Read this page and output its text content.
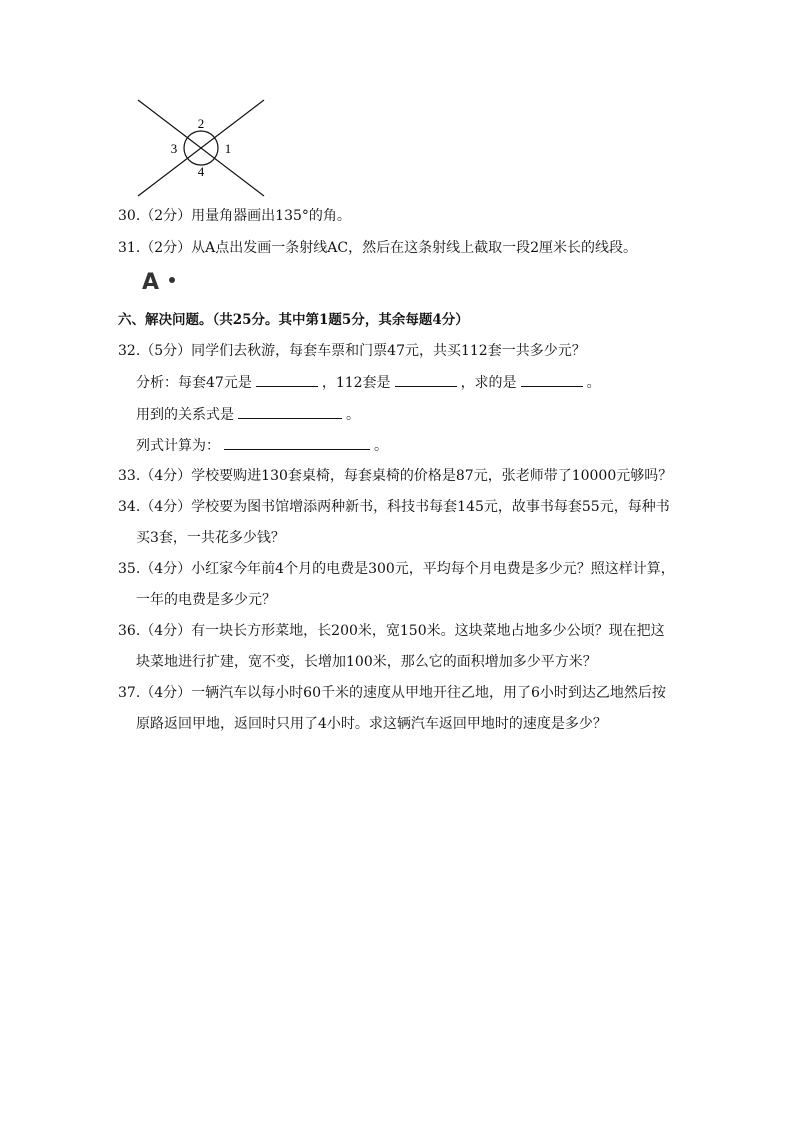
2
3	1
4
30.（2分）用量角器画出135°的角。
31.（2分）从A点出发画一条射线AC，然后在这条射线上截取一段2厘米长的线段。
A
六、解决问题。（共25分。其中第1题5分，其余每题4分）
32.（5分）同学们去秋游，每套车票和门票47元，共买112套一共多少元？
分析：每套47元是	，112套是	，求的是	。
用到的关系式是	。
列式计算为：	。
33.（4分）学校要购进130套桌椅，每套桌椅的价格是87元，张老师带了10000元够吗？
34.（4分）学校要为图书馆增添两种新书，科技书每套145元，故事书每套55元，每种书
买3套，一共花多少钱？
35.（4分）小红家今年前4个月的电费是300元，平均每个月电费是多少元？照这样计算，
一年的电费是多少元？
36.（4分）有一块长方形菜地，长200米，宽150米。这块菜地占地多少公顷？现在把这
块菜地进行扩建，宽不变，长增加100米，那么它的面积增加多少平方米？
37.（4分）一辆汽车以每小时60千米的速度从甲地开往乙地，用了6小时到达乙地然后按
原路返回甲地，返回时只用了4小时。求这辆汽车返回甲地时的速度是多少？
